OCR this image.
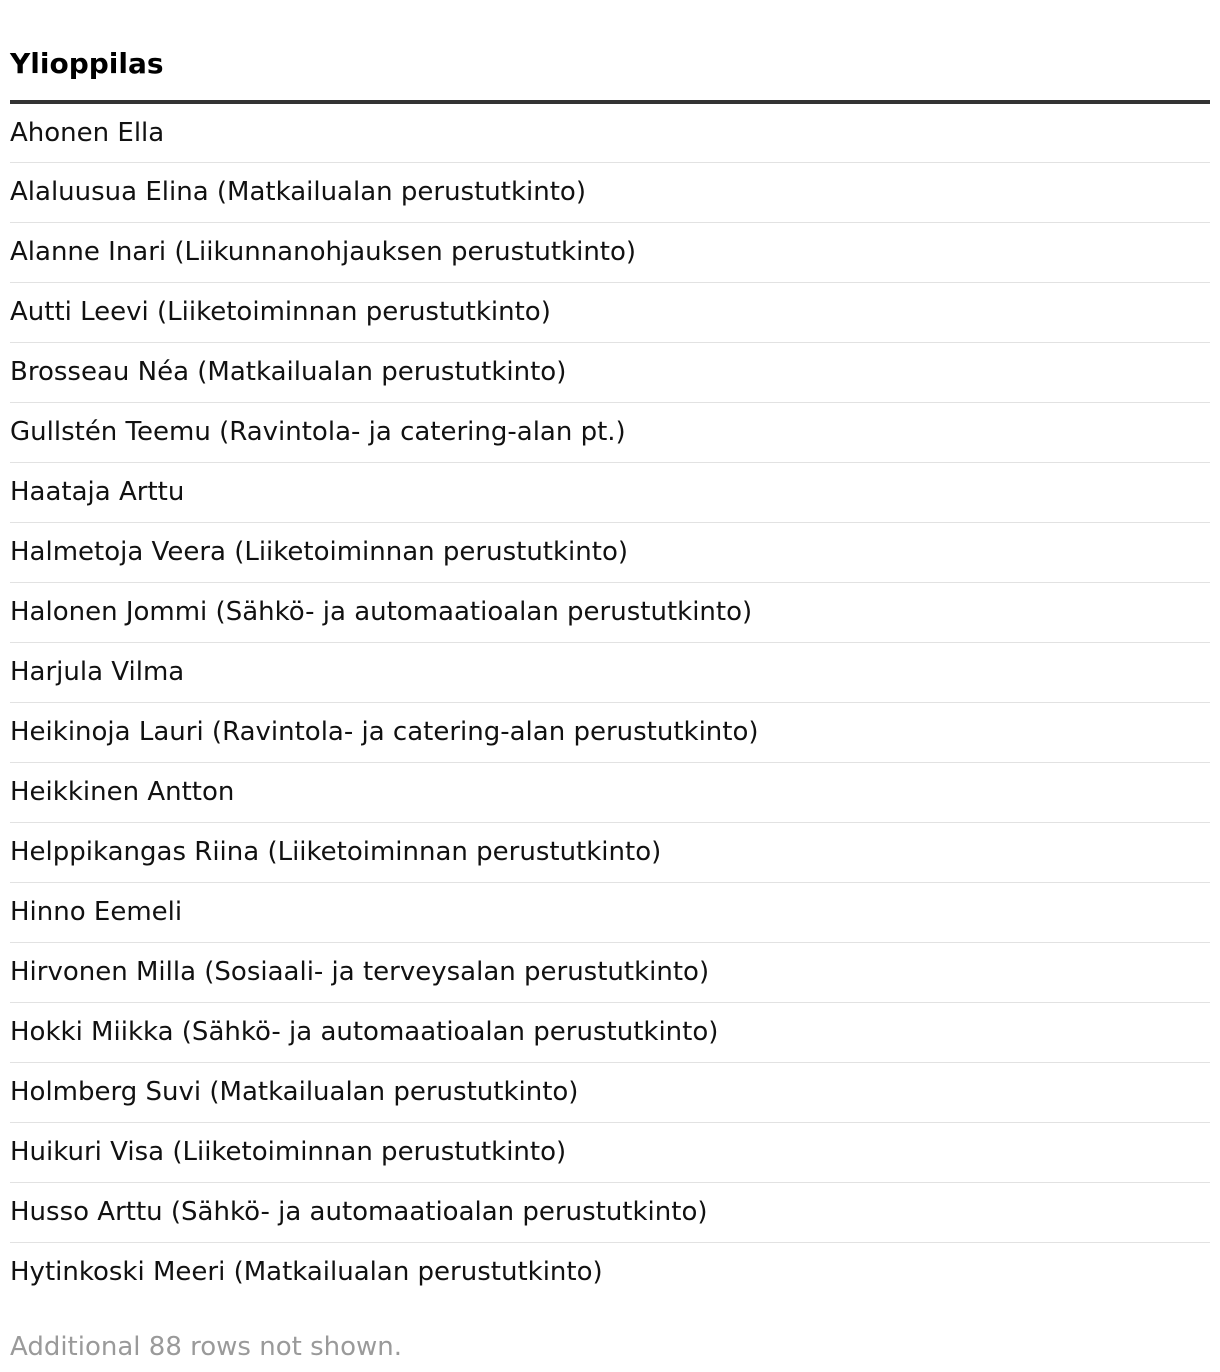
Ylioppilas
Ahonen Ella
Alaluusua Elina (Matkailualan perustutkinto)
Alanne Inari (Liikunnanohjauksen perustutkinto)
Autti Leevi (Liiketoiminnan perustutkinto)
Brosseau Néa (Matkailualan perustutkinto)
Gullstén Teemu (Ravintola- ja catering-alan pt.)
Haataja Arttu
Halmetoja Veera (Liiketoiminnan perustutkinto)
Halonen Jommi (Sähkö- ja automaatioalan perustutkinto)
Harjula Vilma
Heikinoja Lauri (Ravintola- ja catering-alan perustutkinto)
Heikkinen Antton
Helppikangas Riina (Liiketoiminnan perustutkinto)
Hinno Eemeli
Hirvonen Milla (Sosiaali- ja terveysalan perustutkinto)
Hokki Miikka (Sähkö- ja automaatioalan perustutkinto)
Holmberg Suvi (Matkailualan perustutkinto)
Huikuri Visa (Liiketoiminnan perustutkinto)
Husso Arttu (Sähkö- ja automaatioalan perustutkinto)
Hytinkoski Meeri (Matkailualan perustutkinto)
Additional 88 rows not shown.
